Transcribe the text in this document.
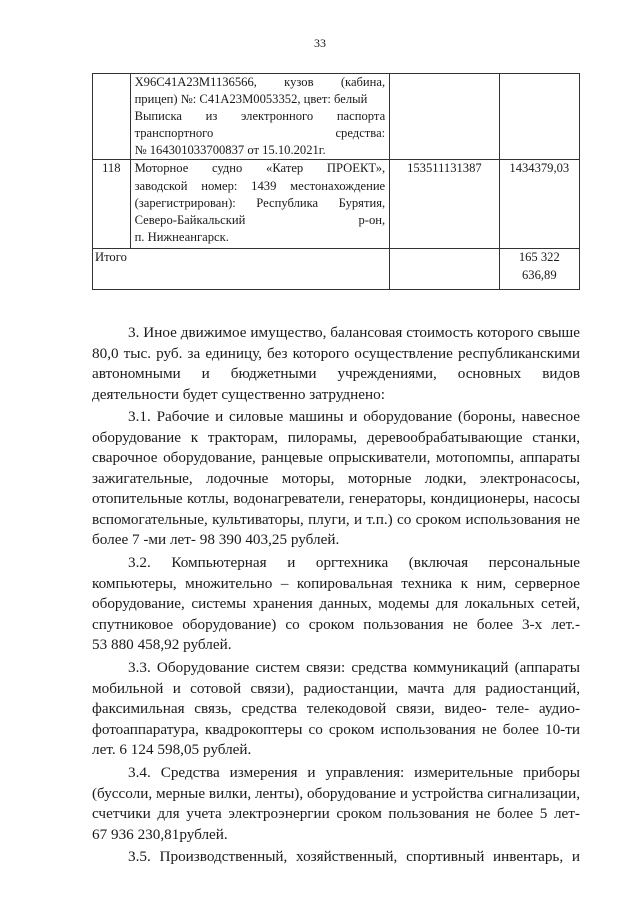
33

	X96C41A23M1136566, кузов (кабина,
прицеп) №: C41A23M0053352, цвет: белый
Выписка из электронного паспорта
транспортного средства:
№ 164301033700837 от 15.10.2021г.		

118	Моторное судно «Катер ПРОЕКТ»,
заводской номер: 1439 местонахождение
(зарегистрирован): Республика Бурятия,
Северо-Байкальский р-он,
п. Нижнеангарск.	153511131387	1434379,03
Итого			165 322
636,89

3. Иное движимое имущество, балансовая стоимость которого свыше
80,0 тыс. руб. за единицу, без которого осуществление республиканскими
автономными и бюджетными учреждениями, основных видов
деятельности будет существенно затруднено:

3.1. Рабочие и силовые машины и оборудование (бороны, навесное
оборудование к тракторам, пилорамы, деревообрабатывающие станки,
сварочное оборудование, ранцевые опрыскиватели, мотопомпы, аппараты
зажигательные, лодочные моторы, моторные лодки, электронасосы,
отопительные котлы, водонагреватели, генераторы, кондиционеры, насосы
вспомогательные, культиваторы, плуги, и т.п.) со сроком использования не
более 7 -ми лет- 98 390 403,25 рублей.

3.2. Компьютерная и оргтехника (включая персональные
компьютеры, множительно – копировальная техника к ним, серверное
оборудование, системы хранения данных, модемы для локальных сетей,
спутниковое оборудование) со сроком пользования не более 3-х лет.-
53 880 458,92 рублей.

3.3. Оборудование систем связи: средства коммуникаций (аппараты
мобильной и сотовой связи), радиостанции, мачта для радиостанций,
факсимильная связь, средства телекодовой связи, видео- теле- аудио-
фотоаппаратура, квадрокоптеры со сроком использования не более 10-ти
лет. 6 124 598,05 рублей.

3.4. Средства измерения и управления: измерительные приборы
(буссоли, мерные вилки, ленты), оборудование и устройства сигнализации,
счетчики для учета электроэнергии сроком пользования не более 5 лет-
67 936 230,81рублей.

3.5. Производственный, хозяйственный, спортивный инвентарь, и
